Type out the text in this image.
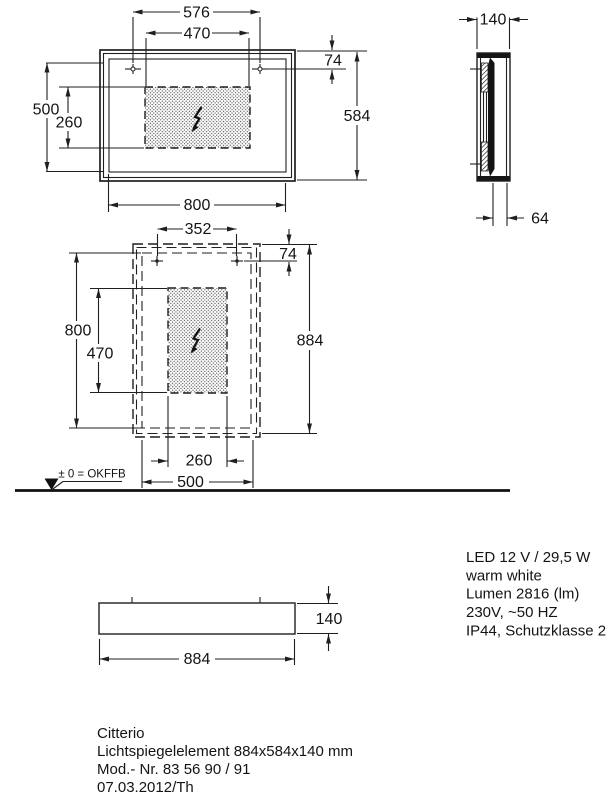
576
470
74
584
500
260
800
140
64
352
74
884
800
470
260
500
± 0 = OKFFB
884
140
LED 12 V / 29,5 W
warm white
Lumen 2816 (lm)
230V, ~50 HZ
IP44, Schutzklasse 2
Citterio
Lichtspiegelelement 884x584x140 mm
Mod.- Nr. 83 56 90 / 91
07.03.2012/Th
